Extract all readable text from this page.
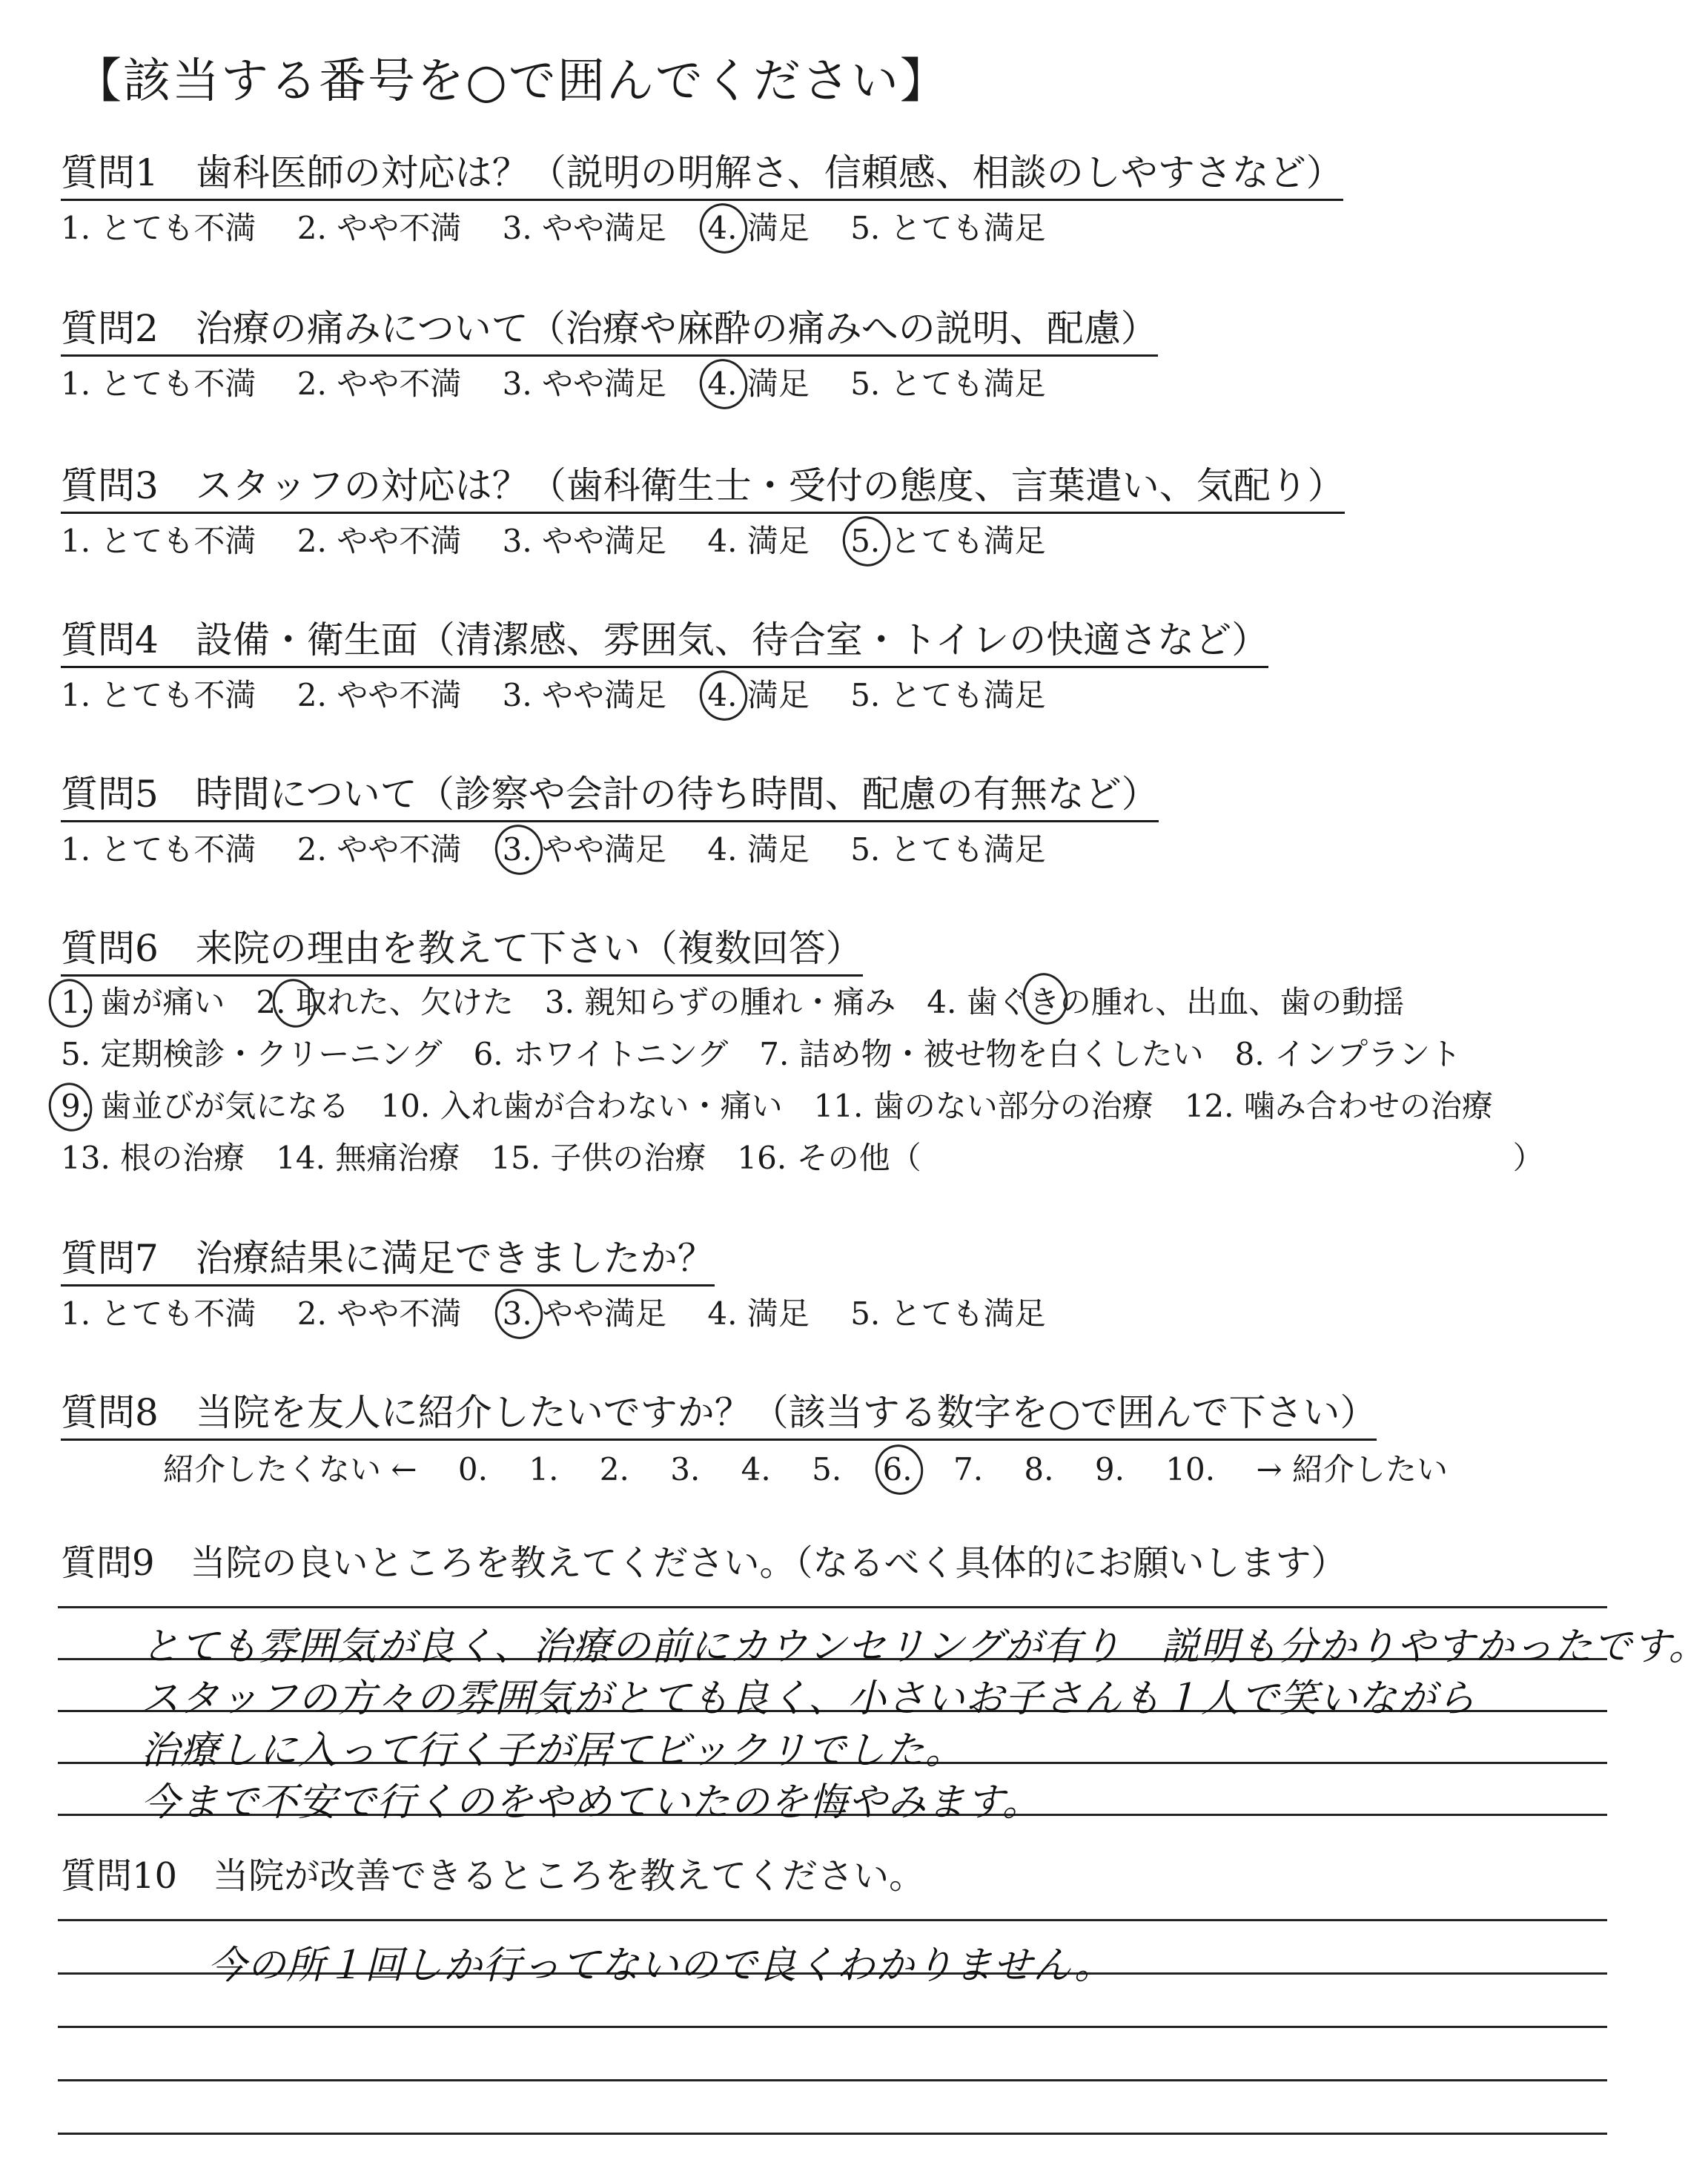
【該当する番号を○で囲んでください】
質問1　歯科医師の対応は？（説明の明解さ、信頼感、相談のしやすさなど）
1. とても不満  2. やや不満  3. やや満足  4. 満足  5. とても満足
質問2　治療の痛みについて（治療や麻酔の痛みへの説明、配慮）
1. とても不満  2. やや不満  3. やや満足  4. 満足  5. とても満足
質問3　スタッフの対応は？（歯科衛生士・受付の態度、言葉遣い、気配り）
1. とても不満  2. やや不満  3. やや満足  4. 満足  5. とても満足
質問4　設備・衛生面（清潔感、雰囲気、待合室・トイレの快適さなど）
1. とても不満  2. やや不満  3. やや満足  4. 満足  5. とても満足
質問5　時間について（診察や会計の待ち時間、配慮の有無など）
1. とても不満  2. やや不満  3. やや満足  4. 満足  5. とても満足
質問6　来院の理由を教えて下さい（複数回答）
1. 歯が痛い　2. 取れた、欠けた　3. 親知らずの腫れ・痛み　4. 歯ぐきの腫れ、出血、歯の動揺
5. 定期検診・クリーニング　6. ホワイトニング　7. 詰め物・被せ物を白くしたい　8. インプラント
9. 歯並びが気になる　10. 入れ歯が合わない・痛い　11. 歯のない部分の治療　12. 噛み合わせの治療
13. 根の治療　14. 無痛治療　15. 子供の治療　16. その他（　　　　　　　　　　　　　　　　　　　）
質問7　治療結果に満足できましたか？
1. とても不満  2. やや不満  3. やや満足  4. 満足  5. とても満足
質問8　当院を友人に紹介したいですか？（該当する数字を○で囲んで下さい）
紹介したくない ←  0.  1.  2.  3.  4.  5.  6.  7.  8.  9.  10.  → 紹介したい
質問9　当院の良いところを教えてください。（なるべく具体的にお願いします）
とても雰囲気が良く、治療の前にカウンセリングが有り　説明も分かりやすかったです。
スタッフの方々の雰囲気がとても良く、小さいお子さんも１人で笑いながら
治療しに入って行く子が居てビックリでした。
今まで不安で行くのをやめていたのを悔やみます。
質問10　当院が改善できるところを教えてください。
今の所１回しか行ってないので良くわかりません。
